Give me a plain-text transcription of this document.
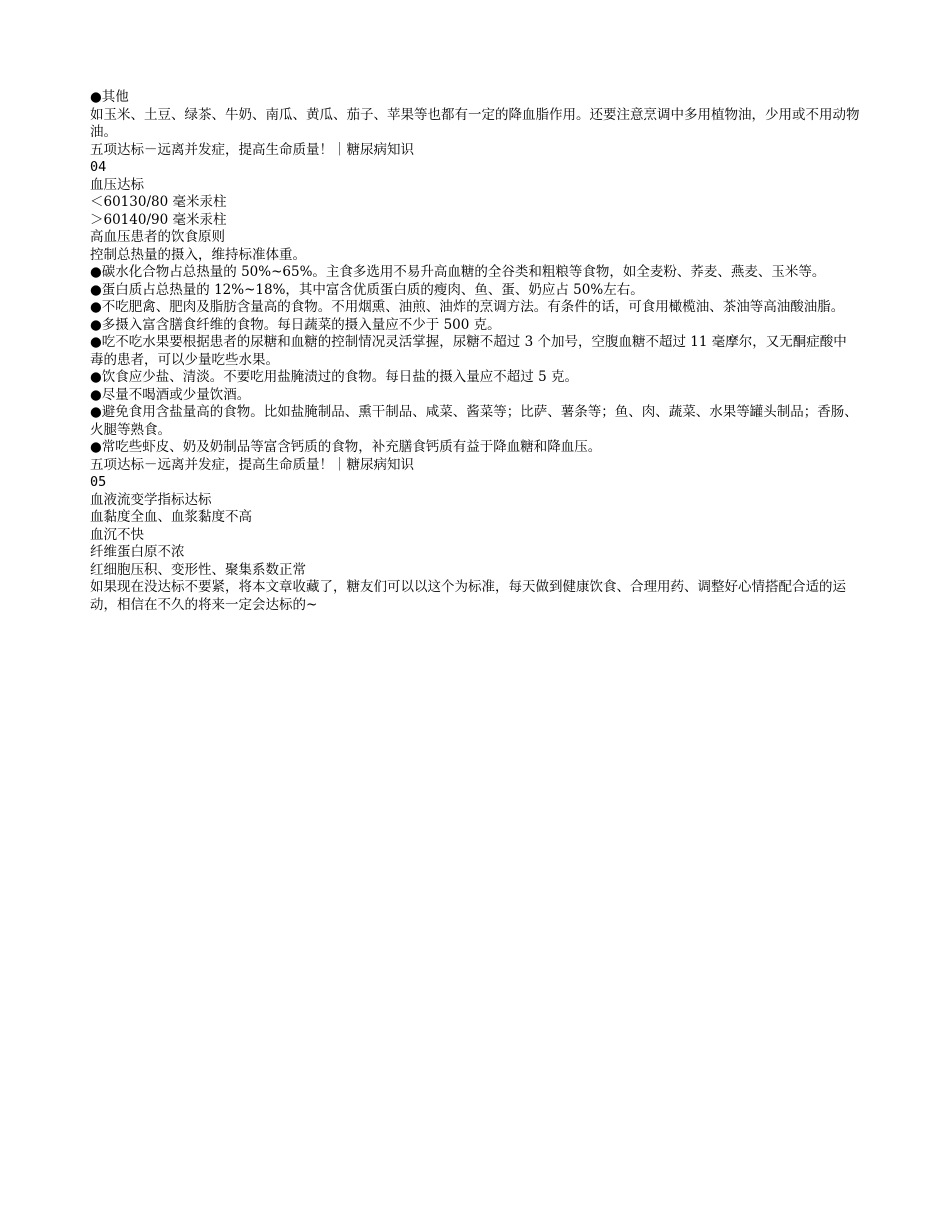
●其他

如玉米、土豆、绿茶、牛奶、南瓜、黄瓜、茄子、苹果等也都有一定的降血脂作用。还要注意烹调中多用植物油，少用或不用动物油。

五项达标－远离并发症，提高生命质量！｜糖尿病知识

04

血压达标

＜60130/80 毫米汞柱

＞60140/90 毫米汞柱

高血压患者的饮食原则

控制总热量的摄入，维持标准体重。

●碳水化合物占总热量的 50%~65%。主食多选用不易升高血糖的全谷类和粗粮等食物，如全麦粉、荞麦、燕麦、玉米等。

●蛋白质占总热量的 12%~18%，其中富含优质蛋白质的瘦肉、鱼、蛋、奶应占 50%左右。

●不吃肥禽、肥肉及脂肪含量高的食物。不用烟熏、油煎、油炸的烹调方法。有条件的话，可食用橄榄油、茶油等高油酸油脂。

●多摄入富含膳食纤维的食物。每日蔬菜的摄入量应不少于 500 克。

●吃不吃水果要根据患者的尿糖和血糖的控制情况灵活掌握，尿糖不超过 3 个加号，空腹血糖不超过 11 毫摩尔，又无酮症酸中毒的患者，可以少量吃些水果。

●饮食应少盐、清淡。不要吃用盐腌渍过的食物。每日盐的摄入量应不超过 5 克。

●尽量不喝酒或少量饮酒。

●避免食用含盐量高的食物。比如盐腌制品、熏干制品、咸菜、酱菜等；比萨、薯条等；鱼、肉、蔬菜、水果等罐头制品；香肠、火腿等熟食。

●常吃些虾皮、奶及奶制品等富含钙质的食物，补充膳食钙质有益于降血糖和降血压。

五项达标－远离并发症，提高生命质量！｜糖尿病知识

05

血液流变学指标达标

血黏度全血、血浆黏度不高

血沉不快

纤维蛋白原不浓

红细胞压积、变形性、聚集系数正常

如果现在没达标不要紧，将本文章收藏了，糖友们可以以这个为标准，每天做到健康饮食、合理用药、调整好心情搭配合适的运动，相信在不久的将来一定会达标的~
